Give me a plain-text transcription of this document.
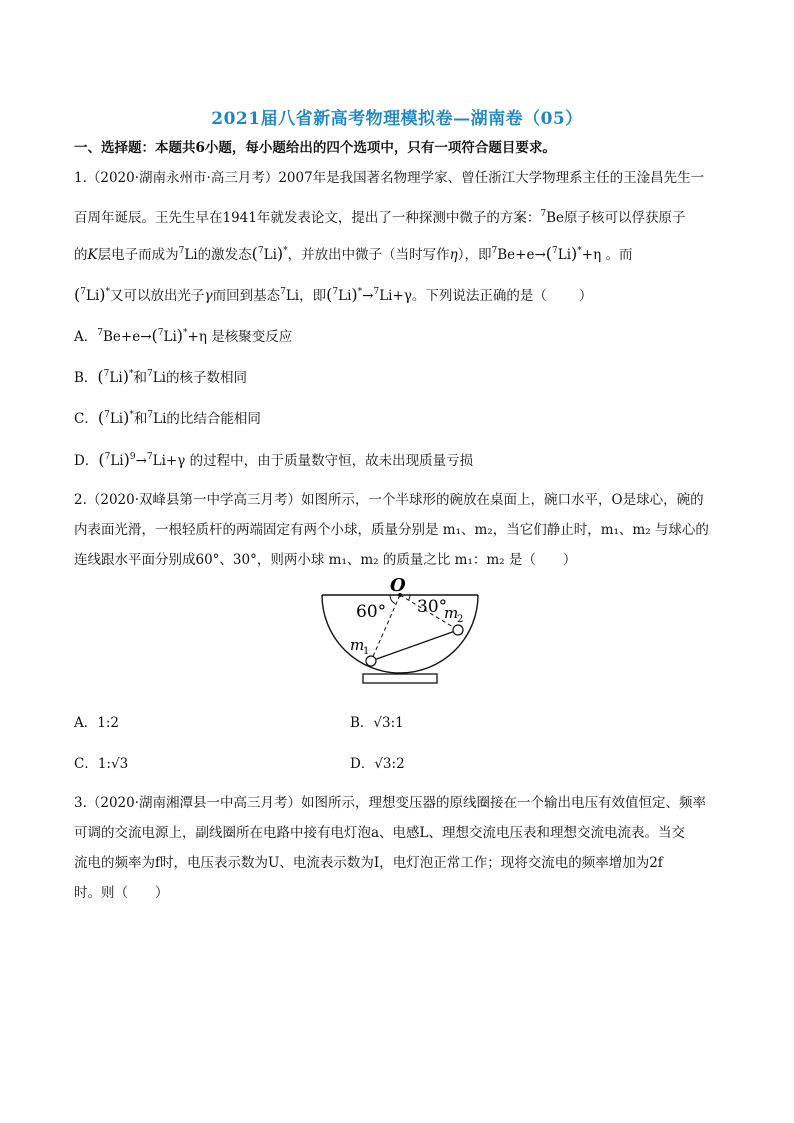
2021届八省新高考物理模拟卷—湖南卷（05）
一、选择题：本题共6小题，每小题给出的四个选项中，只有一项符合题目要求。
1.（2020·湖南永州市·高三月考）2007年是我国著名物理学家、曾任浙江大学物理系主任的王淦昌先生一
百周年诞辰。王先生早在1941年就发表论文，提出了一种探测中微子的方案：$^7$Be原子核可以俘获原子
的K层电子而成为$^7$Li的激发态($^7$Li)*，并放出中微子（当时写作η），即$^7$Be+e→($^7$Li)*+η 。而
($^7$Li)*又可以放出光子γ而回到基态$^7$Li，即($^7$Li)*→$^7$Li+γ。下列说法正确的是（ ）
A．$^7$Be+e→($^7$Li)*+η 是核聚变反应
B．($^7$Li)*和$^7$Li的核子数相同
C．($^7$Li)*和$^7$Li的比结合能相同
D．$(^7Li)^9\to^7Li+\gamma$ 的过程中，由于质量数守恒，故未出现质量亏损
2.（2020·双峰县第一中学高三月考）如图所示，一个半球形的碗放在桌面上，碗口水平，O是球心，碗的
内表面光滑，一根轻质杆的两端固定有两个小球，质量分别是 m₁、m₂，当它们静止时，m₁、m₂ 与球心的
连线跟水平面分别成60°、30°，则两小球 m₁、m₂ 的质量之比 m₁：m₂ 是（　　）
O
60° 30°
m
1
m
2
A．1:2	B．√3:1
C．1:√3	D．√3:2
3.（2020·湖南湘潭县一中高三月考）如图所示，理想变压器的原线圈接在一个输出电压有效值恒定、频率
可调的交流电源上，副线圈所在电路中接有电灯泡a、电感L、理想交流电压表和理想交流电流表。当交
流电的频率为f时，电压表示数为U、电流表示数为I，电灯泡正常工作；现将交流电的频率增加为2f
时。则（　　）
